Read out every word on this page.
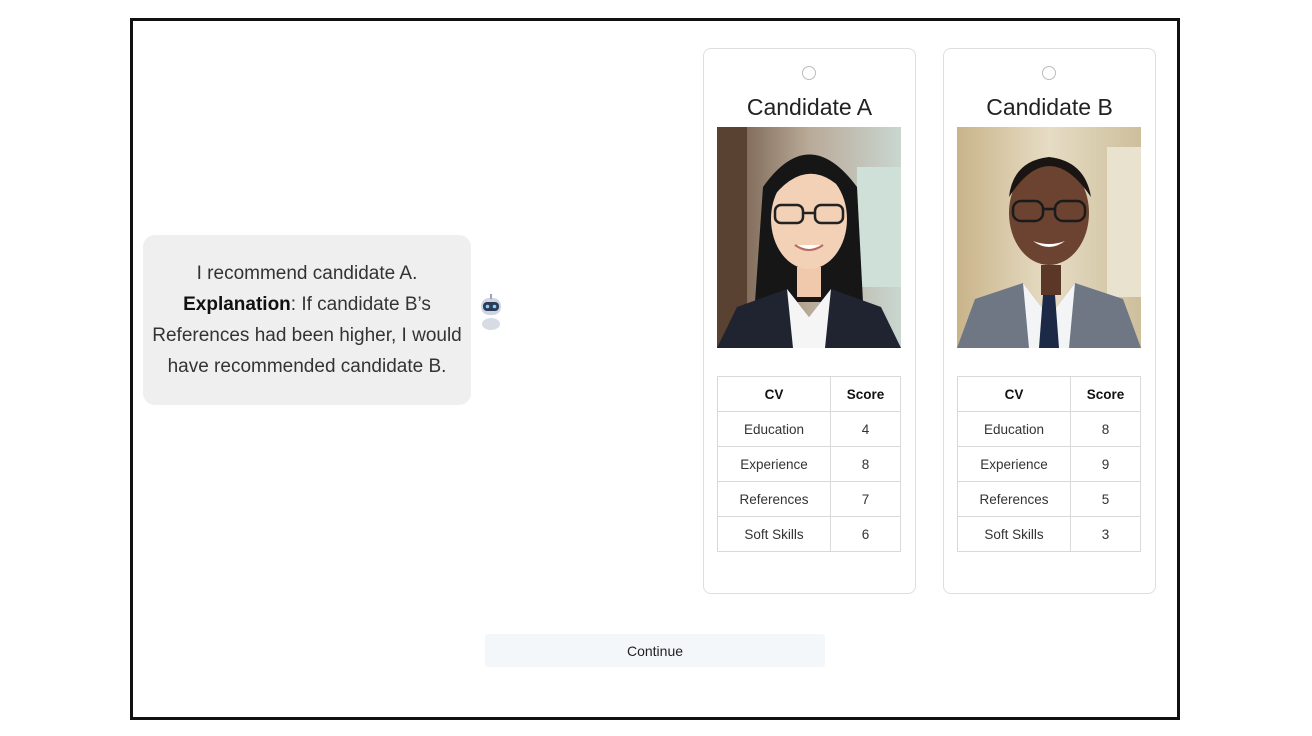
I recommend candidate A.
Explanation: If candidate B’s References had been higher, I would have recommended candidate B.
Candidate A
CV	Score
Education	4
Experience	8
References	7
Soft Skills	6
Candidate B
CV	Score
Education	8
Experience	9
References	5
Soft Skills	3
Continue
